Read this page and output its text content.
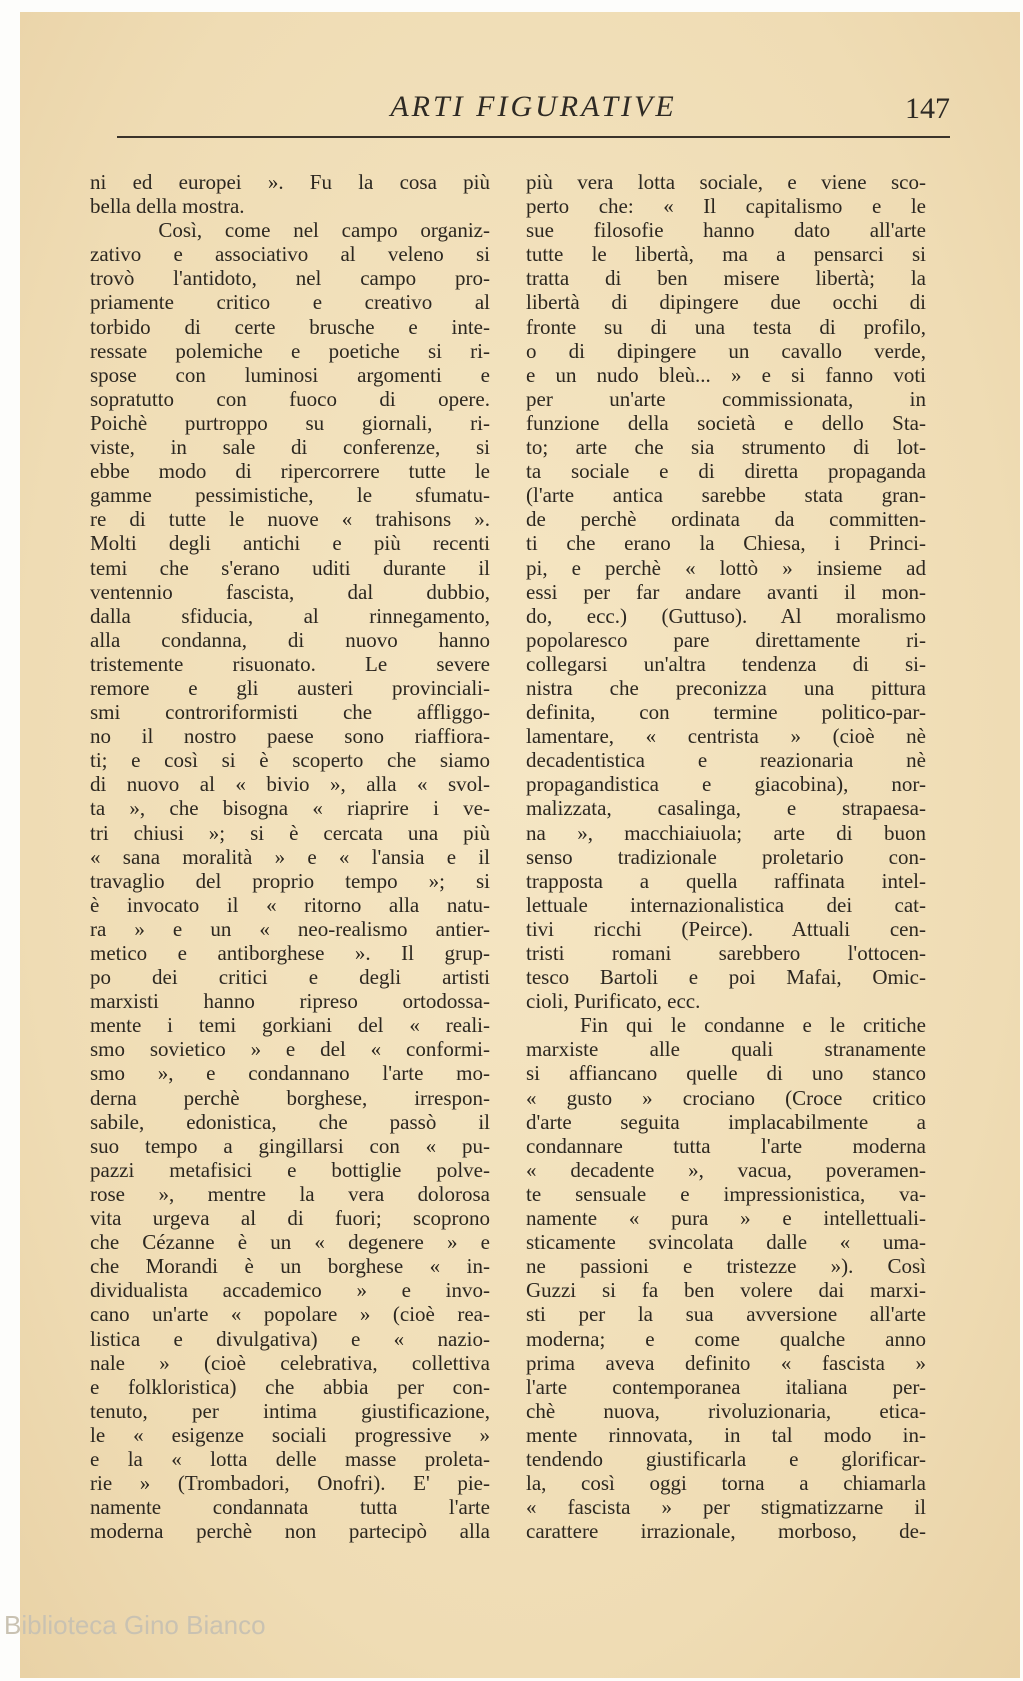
ARTI FIGURATIVE	147
ni ed europei ». Fu la cosa più
bella della mostra.
Così, come nel campo organiz-
zativo e associativo al veleno si
trovò l'antidoto, nel campo pro-
priamente critico e creativo al
torbido di certe brusche e inte-
ressate polemiche e poetiche si ri-
spose con luminosi argomenti e
sopratutto con fuoco di opere.
Poichè purtroppo su giornali, ri-
viste, in sale di conferenze, si
ebbe modo di ripercorrere tutte le
gamme pessimistiche, le sfumatu-
re di tutte le nuove « trahisons ».
Molti degli antichi e più recenti
temi che s'erano uditi durante il
ventennio fascista, dal dubbio,
dalla sfiducia, al rinnegamento,
alla condanna, di nuovo hanno
tristemente risuonato. Le severe
remore e gli austeri provinciali-
smi controriformisti che affliggo-
no il nostro paese sono riaffiora-
ti; e così si è scoperto che siamo
di nuovo al « bivio », alla « svol-
ta », che bisogna « riaprire i ve-
tri chiusi »; si è cercata una più
« sana moralità » e « l'ansia e il
travaglio del proprio tempo »; si
è invocato il « ritorno alla natu-
ra » e un « neo-realismo antier-
metico e antiborghese ». Il grup-
po dei critici e degli artisti
marxisti hanno ripreso ortodossa-
mente i temi gorkiani del « reali-
smo sovietico » e del « conformi-
smo », e condannano l'arte mo-
derna perchè borghese, irrespon-
sabile, edonistica, che passò il
suo tempo a gingillarsi con « pu-
pazzi metafisici e bottiglie polve-
rose », mentre la vera dolorosa
vita urgeva al di fuori; scoprono
che Cézanne è un « degenere » e
che Morandi è un borghese « in-
dividualista accademico » e invo-
cano un'arte « popolare » (cioè rea-
listica e divulgativa) e « nazio-
nale » (cioè celebrativa, collettiva
e folkloristica) che abbia per con-
tenuto, per intima giustificazione,
le « esigenze sociali progressive »
e la « lotta delle masse proleta-
rie » (Trombadori, Onofri). E' pie-
namente condannata tutta l'arte
moderna perchè non partecipò alla
più vera lotta sociale, e viene sco-
perto che: « Il capitalismo e le
sue filosofie hanno dato all'arte
tutte le libertà, ma a pensarci si
tratta di ben misere libertà; la
libertà di dipingere due occhi di
fronte su di una testa di profilo,
o di dipingere un cavallo verde,
e un nudo bleù... » e si fanno voti
per un'arte commissionata, in
funzione della società e dello Sta-
to; arte che sia strumento di lot-
ta sociale e di diretta propaganda
(l'arte antica sarebbe stata gran-
de perchè ordinata da committen-
ti che erano la Chiesa, i Princi-
pi, e perchè « lottò » insieme ad
essi per far andare avanti il mon-
do, ecc.) (Guttuso). Al moralismo
popolaresco pare direttamente ri-
collegarsi un'altra tendenza di si-
nistra che preconizza una pittura
definita, con termine politico-par-
lamentare, « centrista » (cioè nè
decadentistica e reazionaria nè
propagandistica e giacobina), nor-
malizzata, casalinga, e strapaesa-
na », macchiaiuola; arte di buon
senso tradizionale proletario con-
trapposta a quella raffinata intel-
lettuale internazionalistica dei cat-
tivi ricchi (Peirce). Attuali cen-
tristi romani sarebbero l'ottocen-
tesco Bartoli e poi Mafai, Omic-
cioli, Purificato, ecc.
Fin qui le condanne e le critiche
marxiste alle quali stranamente
si affiancano quelle di uno stanco
« gusto » crociano (Croce critico
d'arte seguita implacabilmente a
condannare tutta l'arte moderna
« decadente », vacua, poveramen-
te sensuale e impressionistica, va-
namente « pura » e intellettuali-
sticamente svincolata dalle « uma-
ne passioni e tristezze »). Così
Guzzi si fa ben volere dai marxi-
sti per la sua avversione all'arte
moderna; e come qualche anno
prima aveva definito « fascista »
l'arte contemporanea italiana per-
chè nuova, rivoluzionaria, etica-
mente rinnovata, in tal modo in-
tendendo giustificarla e glorificar-
la, così oggi torna a chiamarla
« fascista » per stigmatizzarne il
carattere irrazionale, morboso, de-
Biblioteca Gino Bianco
